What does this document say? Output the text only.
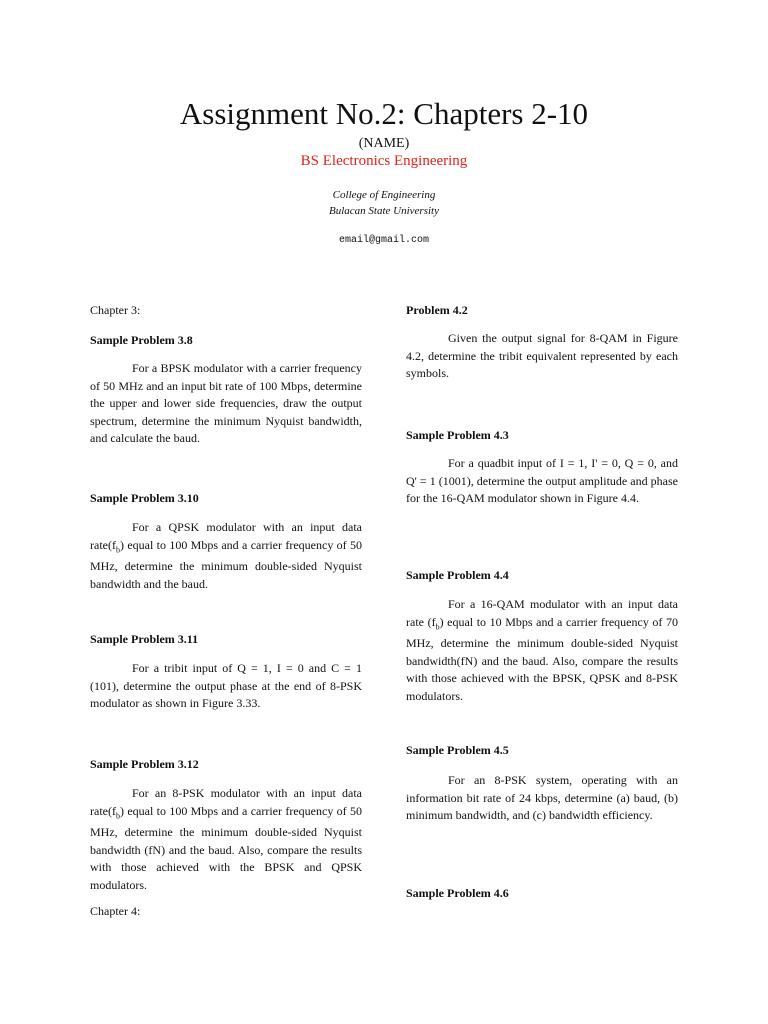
Assignment No.2: Chapters 2-10
(NAME)
BS Electronics Engineering
College of Engineering
Bulacan State University
email@gmail.com
Chapter 3:
Sample Problem 3.8
For a BPSK modulator with a carrier frequency of 50 MHz and an input bit rate of 100 Mbps, determine the upper and lower side frequencies, draw the output spectrum, determine the minimum Nyquist bandwidth, and calculate the baud.
Sample Problem 3.10
For a QPSK modulator with an input data $rate(f_b)$ equal to 100 Mbps and a carrier frequency of 50 MHz, determine the minimum double-sided Nyquist bandwidth and the baud.
Sample Problem 3.11
For a tribit input of Q = 1, I = 0 and C = 1 (101), determine the output phase at the end of 8-PSK modulator as shown in Figure 3.33.
Sample Problem 3.12
For an 8-PSK modulator with an input data $rate(f_b)$ equal to 100 Mbps and a carrier frequency of 50 MHz, determine the minimum double-sided Nyquist bandwidth (fN) and the baud. Also, compare the results with those achieved with the BPSK and QPSK modulators.
Chapter 4:
Problem 4.2
Given the output signal for 8-QAM in Figure 4.2, determine the tribit equivalent represented by each symbols.
Sample Problem 4.3
For a quadbit input of I = 1, I' = 0, Q = 0, and Q' = 1 (1001), determine the output amplitude and phase for the 16-QAM modulator shown in Figure 4.4.
Sample Problem 4.4
For a 16-QAM modulator with an input data rate $(f_b)$ equal to 10 Mbps and a carrier frequency of 70 MHz, determine the minimum double-sided Nyquist bandwidth(fN) and the baud. Also, compare the results with those achieved with the BPSK, QPSK and 8-PSK modulators.
Sample Problem 4.5
For an 8-PSK system, operating with an information bit rate of 24 kbps, determine (a) baud, (b) minimum bandwidth, and (c) bandwidth efficiency.
Sample Problem 4.6
